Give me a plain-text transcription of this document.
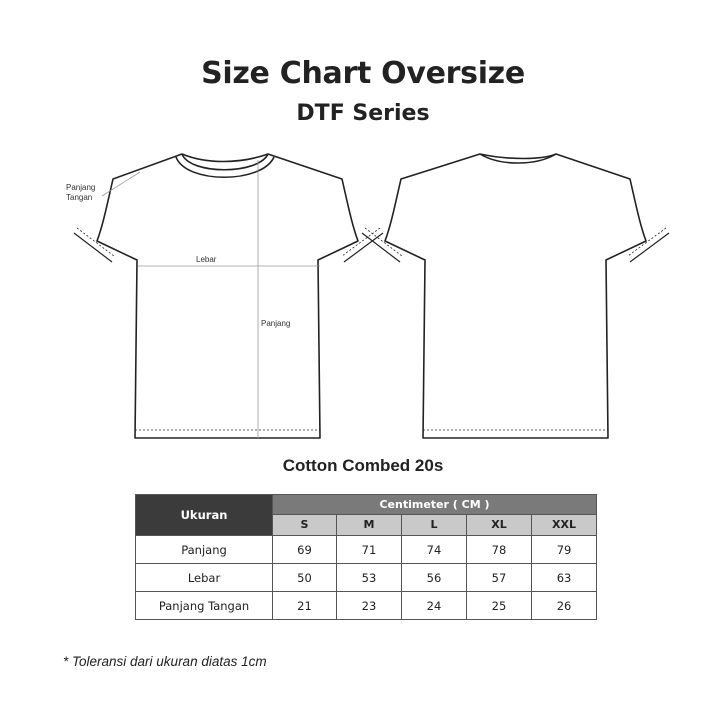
Size Chart Oversize
DTF Series
Panjang
Tangan
Lebar
Panjang
Cotton Combed 20s
Ukuran	Centimeter ( CM )				
	S	M	L	XL	XXL
Panjang	69	71	74	78	79
Lebar	50	53	56	57	63
Panjang Tangan	21	23	24	25	26
* Toleransi dari ukuran diatas 1cm
